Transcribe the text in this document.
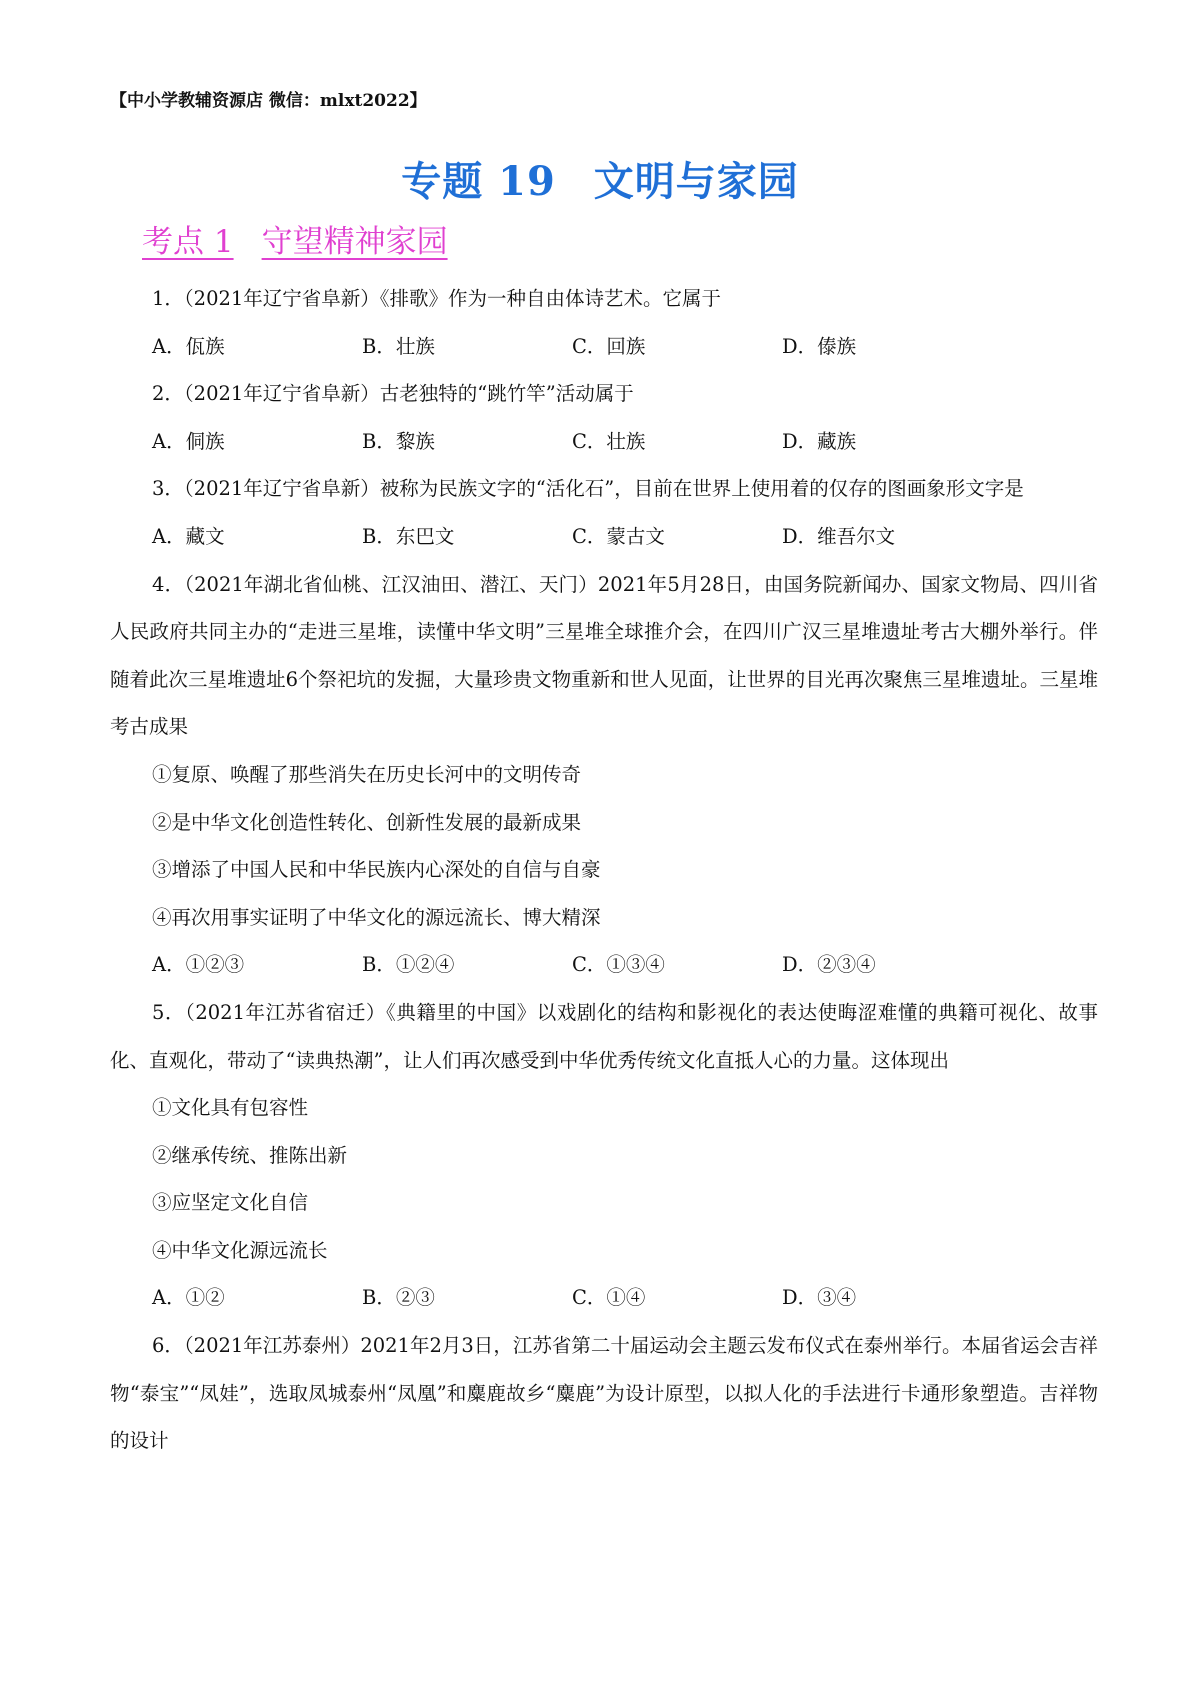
【中小学教辅资源店 微信：mlxt2022】
专题 19 文明与家园
考点 1 守望精神家园

1．（2021年辽宁省阜新）《排歌》作为一种自由体诗艺术。它属于

A．佤族	B．壮族	C．回族	D．傣族

2．（2021年辽宁省阜新）古老独特的“跳竹竿”活动属于

A．侗族	B．黎族	C．壮族	D．藏族

3．（2021年辽宁省阜新）被称为民族文字的“活化石”，目前在世界上使用着的仅存的图画象形文字是

A．藏文	B．东巴文	C．蒙古文	D．维吾尔文

4．（2021年湖北省仙桃、江汉油田、潜江、天门）2021年5月28日，由国务院新闻办、国家文物局、四川省人民政府共同主办的“走进三星堆，读懂中华文明”三星堆全球推介会，在四川广汉三星堆遗址考古大棚外举行。伴随着此次三星堆遗址6个祭祀坑的发掘，大量珍贵文物重新和世人见面，让世界的目光再次聚焦三星堆遗址。三星堆考古成果

①复原、唤醒了那些消失在历史长河中的文明传奇

②是中华文化创造性转化、创新性发展的最新成果

③增添了中国人民和中华民族内心深处的自信与自豪

④再次用事实证明了中华文化的源远流长、博大精深

A．①②③	B．①②④	C．①③④	D．②③④

5．（2021年江苏省宿迁）《典籍里的中国》以戏剧化的结构和影视化的表达使晦涩难懂的典籍可视化、故事化、直观化，带动了“读典热潮”，让人们再次感受到中华优秀传统文化直抵人心的力量。这体现出

①文化具有包容性

②继承传统、推陈出新

③应坚定文化自信

④中华文化源远流长

A．①②	B．②③	C．①④	D．③④

6．（2021年江苏泰州）2021年2月3日，江苏省第二十届运动会主题云发布仪式在泰州举行。本届省运会吉祥物“泰宝”“凤娃”，选取凤城泰州“凤凰”和麋鹿故乡“麋鹿”为设计原型，以拟人化的手法进行卡通形象塑造。吉祥物的设计
